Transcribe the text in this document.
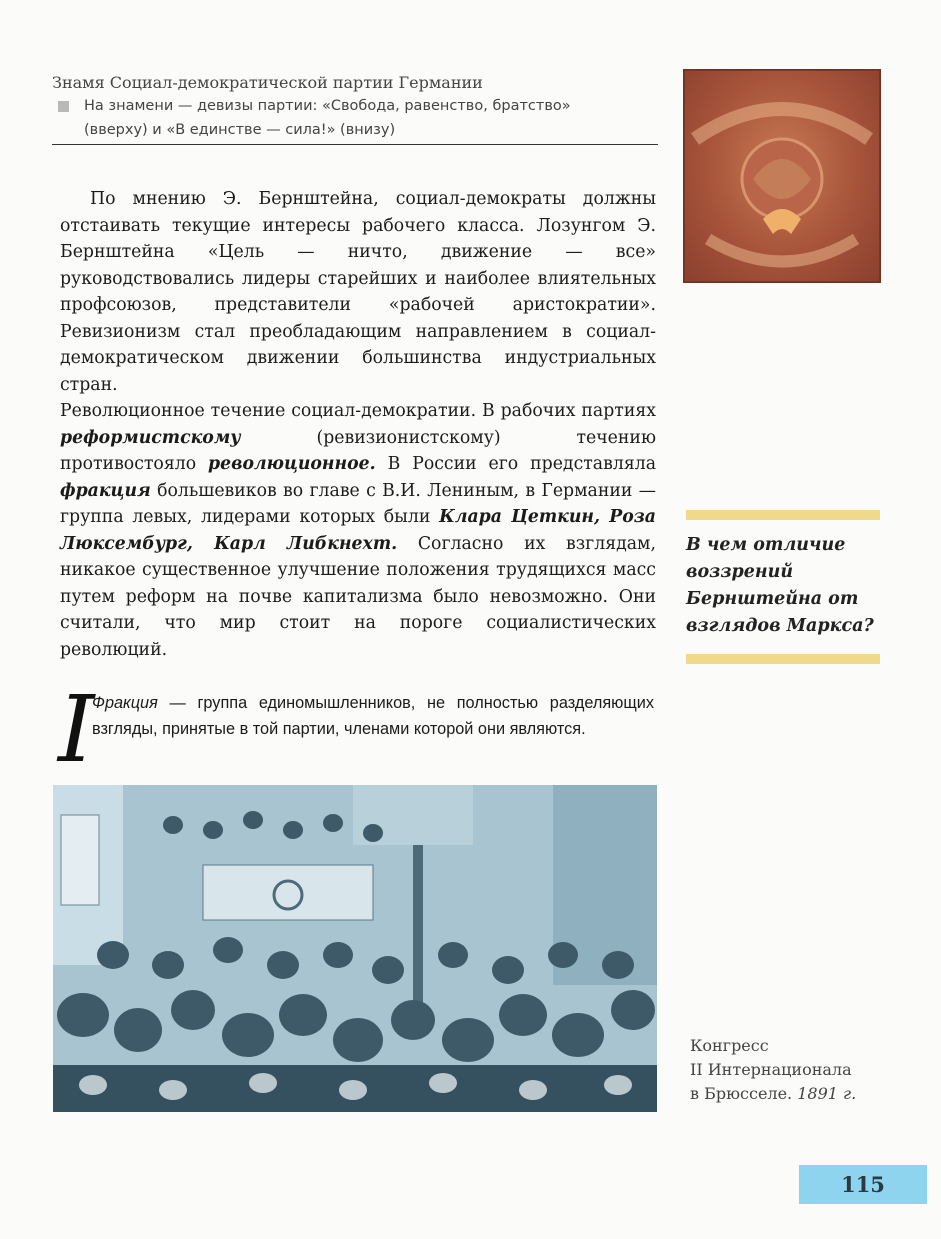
Знамя Социал-демократической партии Германии
На знамени — девизы партии: «Свобода, равенство, братство»
(вверху) и «В единстве — сила!» (внизу)

По мнению Э. Бернштейна, социал-демократы должны отстаивать текущие интересы рабочего класса. Лозунгом Э. Бернштейна «Цель — ничто, движение — все» руководствовались лидеры старейших и наиболее влиятельных профсоюзов, представители «рабочей аристократии». Ревизионизм стал преобладающим направлением в социал-демократическом движении большинства индустриальных стран.

Революционное течение социал-демократии. В рабочих партиях реформистскому (ревизионистскому) течению противостояло революционное. В России его представляла фракция большевиков во главе с В.И. Лениным, в Германии — группа левых, лидерами которых были Клара Цеткин, Роза Люксембург, Карл Либкнехт. Согласно их взглядам, никакое существенное улучшение положения трудящихся масс путем реформ на почве капитализма было невозможно. Они считали, что мир стоит на пороге социалистических революций.

В чем отличие
воззрений
Бернштейна от
взглядов Маркса?
I
Фракция — группа единомышленников, не полностью разделяющих взгляды, принятые в той партии, членами которой они являются.
Конгресс
II Интернационала
в Брюсселе. 1891 г.
115
